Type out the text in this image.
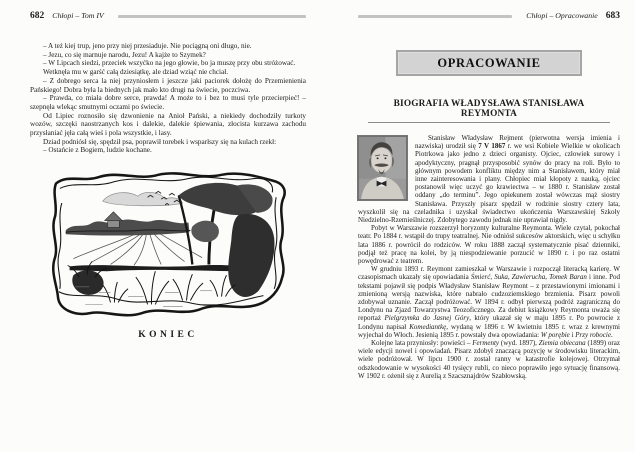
682 Chłopi – Tom IV

– A też kiej trup, jeno przy niej przesiaduje. Nie pociągną oni długo, nie.

– Jezu, co się marnuje narodu, Jezu! A kajże to Szymek?

– W Lipcach siedzi, przeciek wszyćko na jego głowie, bo ja muszę przy obu stróżować.

Wetknęła mu w garść całą dziesiątkę, ale dziad wziąć nie chciał.

– Z dobrego serca la niej przyniosłem i jeszcze jaki paciorek dołożę do Przemienienia Pańskiego! Dobra była la biednych jak mało kto drugi na świecie, poczciwa.

– Prawda, co miała dobre serce, prawda! A może to i bez to musi tyle przecierpieć! – szepnęła wlekąc smutnymi oczami po świecie.

Od Lipiec roznosiło się dzwonienie na Anioł Pański, a niekiedy dochodziły turkoty wozów, szczęki naostrzanych kos i dalekie, dalekie śpiewania, złocista kurzawa zachodu przysłaniać jęła całą wieś i pola wszystkie, i lasy.

Dziad podniósł się, spędził psa, poprawił torebek i wsparłszy się na kulach rzekł:

– Ostańcie z Bogiem, ludzie kochane.

KONIEC
Chłopi – Opracowanie 683
OPRACOWANIE
BIOGRAFIA WŁADYSŁAWA STANISŁAWA REYMONTA

Stanisław Władysław Rejment (pierwotna wersja imienia i nazwiska) urodził się 7 V 1867 r. we wsi Kobiele Wielkie w okolicach Piotrkowa jako jedno z dzieci organisty. Ojciec, człowiek surowy i apodyktyczny, pragnął przysposobić synów do pracy na roli. Było to głównym powodem konfliktu między nim a Stanisławem, który miał inne zainteresowania i plany. Chłopiec miał kłopoty z nauką, ojciec postanowił więc uczyć go krawiectwa – w 1880 r. Stanisław został oddany „do terminu”. Jego opiekunem został wówczas mąż siostry Stanisława. Przyszły pisarz spędził w rodzinie siostry cztery lata, wyszkolił się na czeladnika i uzyskał świadectwo ukończenia Warszawskiej Szkoły Niedzielno-Rzemieślniczej. Zdobytego zawodu jednak nie uprawiał nigdy.

Pobyt w Warszawie rozszerzył horyzonty kulturalne Reymonta. Wiele czytał, pokochał teatr. Po 1884 r. wstąpił do trupy teatralnej. Nie odniósł sukcesów aktorskich, więc u schyłku lata 1886 r. powrócił do rodziców. W roku 1888 zaczął systematycznie pisać dzienniki, podjął też pracę na kolei, by ją niespodziewanie porzucić w 1890 r. i po raz ostatni powędrować z teatrem.

W grudniu 1893 r. Reymont zamieszkał w Warszawie i rozpoczął literacką karierę. W czasopismach ukazały się opowiadania Śmierć, Suka, Zawierucha, Tomek Baran i inne. Pod tekstami pojawił się podpis Władysław Stanisław Reymont – z przestawionymi imionami i zmienioną wersją nazwiska, które nabrało cudzoziemskiego brzmienia. Pisarz powoli zdobywał uznanie. Zaczął podróżować. W 1894 r. odbył pierwszą podróż zagraniczną do Londynu na Zjazd Towarzystwa Teozoficznego. Za debiut książkowy Reymonta uważa się reportaż Pielgrzymka do Jasnej Góry, który ukazał się w maju 1895 r. Po powrocie z Londynu napisał Komediantkę, wydaną w 1896 r. W kwietniu 1895 r. wraz z krewnymi wyjechał do Włoch. Jesienią 1895 r. powstały dwa opowiadania: W porębie i Przy robocie.

Kolejne lata przyniosły: powieści – Fermenty (wyd. 1897), Ziemia obiecana (1899) oraz wiele edycji nowel i opowiadań. Pisarz zdobył znaczącą pozycję w środowisku literackim, wiele podróżował. W lipcu 1900 r. został ranny w katastrofie kolejowej. Otrzymał odszkodowanie w wysokości 40 tysięcy rubli, co nieco poprawiło jego sytuację finansową. W 1902 r. ożenił się z Aurelią z Szacsznajdrów Szabłowską.
